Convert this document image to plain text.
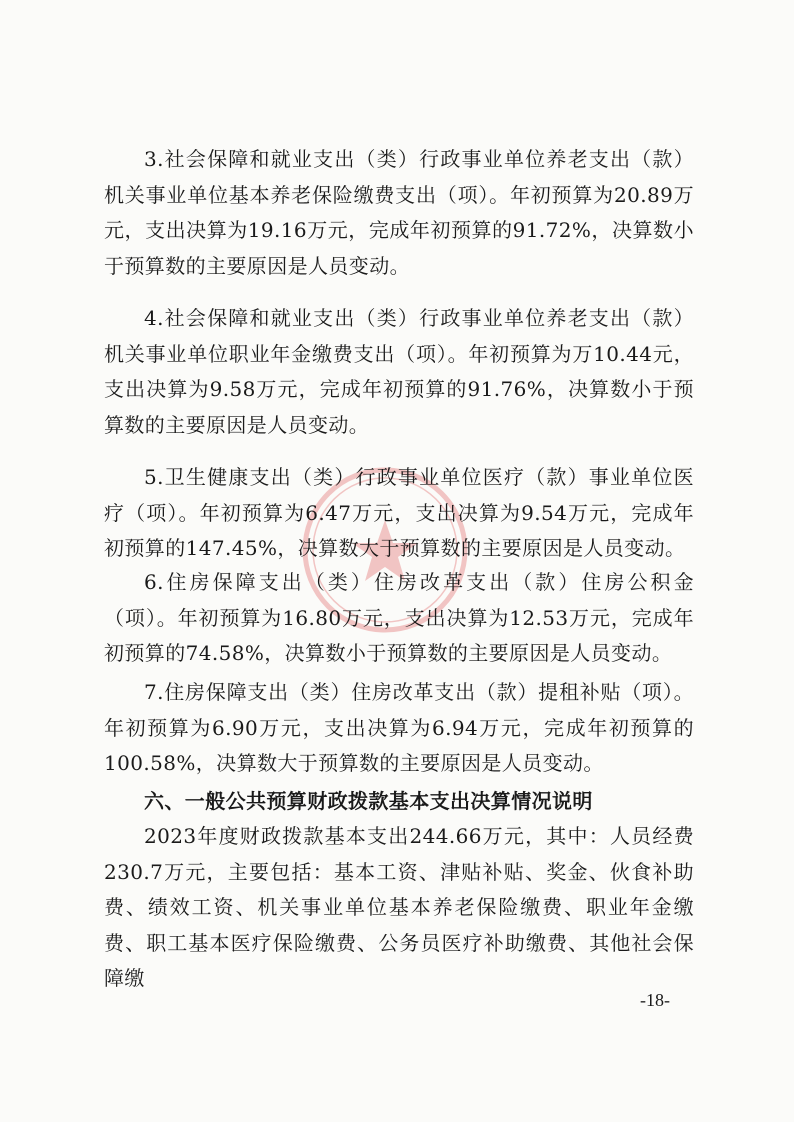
3.社会保障和就业支出（类）行政事业单位养老支出（款）机关事业单位基本养老保险缴费支出（项）。年初预算为20.89万元，支出决算为19.16万元，完成年初预算的91.72%，决算数小于预算数的主要原因是人员变动。

4.社会保障和就业支出（类）行政事业单位养老支出（款）机关事业单位职业年金缴费支出（项）。年初预算为万10.44元，支出决算为9.58万元，完成年初预算的91.76%，决算数小于预算数的主要原因是人员变动。

5.卫生健康支出（类）行政事业单位医疗（款）事业单位医疗（项）。年初预算为6.47万元，支出决算为9.54万元，完成年初预算的147.45%，决算数大于预算数的主要原因是人员变动。

6.住房保障支出（类）住房改革支出（款）住房公积金（项）。年初预算为16.80万元，支出决算为12.53万元，完成年初预算的74.58%，决算数小于预算数的主要原因是人员变动。

7.住房保障支出（类）住房改革支出（款）提租补贴（项）。年初预算为6.90万元，支出决算为6.94万元，完成年初预算的100.58%，决算数大于预算数的主要原因是人员变动。

六、一般公共预算财政拨款基本支出决算情况说明

2023年度财政拨款基本支出244.66万元，其中：人员经费230.7万元，主要包括：基本工资、津贴补贴、奖金、伙食补助费、绩效工资、机关事业单位基本养老保险缴费、职业年金缴费、职工基本医疗保险缴费、公务员医疗补助缴费、其他社会保障缴

-18-
